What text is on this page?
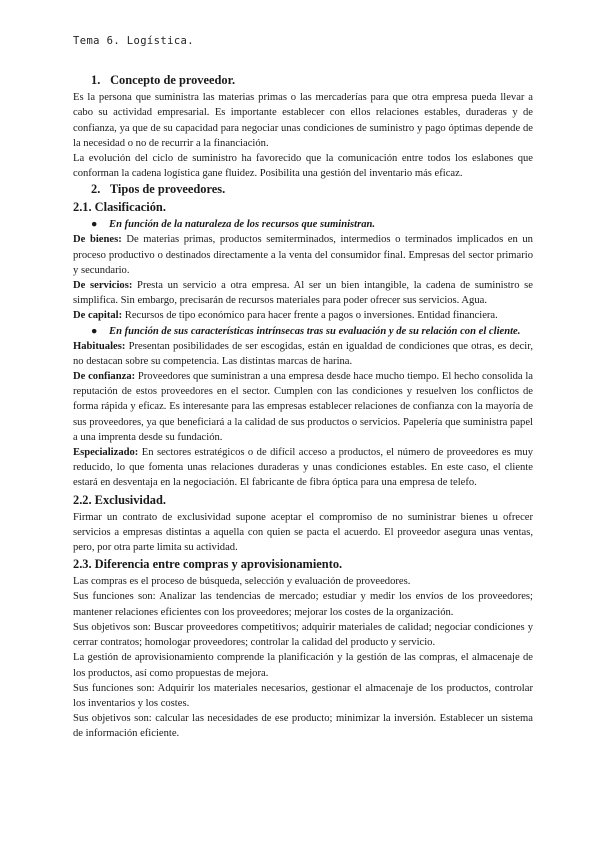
Tema 6. Logística.
1. Concepto de proveedor.

Es la persona que suministra las materias primas o las mercaderías para que otra empresa pueda llevar a cabo su actividad empresarial. Es importante establecer con ellos relaciones estables, duraderas y de confianza, ya que de su capacidad para negociar unas condiciones de suministro y pago óptimas depende de la necesidad o no de recurrir a la financiación.

La evolución del ciclo de suministro ha favorecido que la comunicación entre todos los eslabones que conforman la cadena logística gane fluidez. Posibilita una gestión del inventario más eficaz.

2. Tipos de proveedores.
2.1. Clasificación.
●	En función de la naturaleza de los recursos que suministran.

De bienes: De materias primas, productos semiterminados, intermedios o terminados implicados en un proceso productivo o destinados directamente a la venta del consumidor final. Empresas del sector primario y secundario.

De servicios: Presta un servicio a otra empresa. Al ser un bien intangible, la cadena de suministro se simplifica. Sin embargo, precisarán de recursos materiales para poder ofrecer sus servicios. Agua.

De capital: Recursos de tipo económico para hacer frente a pagos o inversiones. Entidad financiera.

●	En función de sus características intrínsecas tras su evaluación y de su relación con el cliente.

Habituales: Presentan posibilidades de ser escogidas, están en igualdad de condiciones que otras, es decir, no destacan sobre su competencia. Las distintas marcas de harina.

De confianza: Proveedores que suministran a una empresa desde hace mucho tiempo. El hecho consolida la reputación de estos proveedores en el sector. Cumplen con las condiciones y resuelven los conflictos de forma rápida y eficaz. Es interesante para las empresas establecer relaciones de confianza con la mayoría de sus proveedores, ya que beneficiará a la calidad de sus productos o servicios. Papelería que suministra papel a una imprenta desde su fundación.

Especializado: En sectores estratégicos o de difícil acceso a productos, el número de proveedores es muy reducido, lo que fomenta unas relaciones duraderas y unas condiciones estables. En este caso, el cliente estará en desventaja en la negociación. El fabricante de fibra óptica para una empresa de telefo.

2.2. Exclusividad.

Firmar un contrato de exclusividad supone aceptar el compromiso de no suministrar bienes u ofrecer servicios a empresas distintas a aquella con quien se pacta el acuerdo. El proveedor asegura unas ventas, pero, por otra parte limita su actividad.

2.3. Diferencia entre compras y aprovisionamiento.

Las compras es el proceso de búsqueda, selección y evaluación de proveedores.

Sus funciones son: Analizar las tendencias de mercado; estudiar y medir los envíos de los proveedores; mantener relaciones eficientes con los proveedores; mejorar los costes de la organización.

Sus objetivos son: Buscar proveedores competitivos; adquirir materiales de calidad; negociar condiciones y cerrar contratos; homologar proveedores; controlar la calidad del producto y servicio.

La gestión de aprovisionamiento comprende la planificación y la gestión de las compras, el almacenaje de los productos, así como propuestas de mejora.

Sus funciones son: Adquirir los materiales necesarios, gestionar el almacenaje de los productos, controlar los inventarios y los costes.

Sus objetivos son: calcular las necesidades de ese producto; minimizar la inversión. Establecer un sistema de información eficiente.
